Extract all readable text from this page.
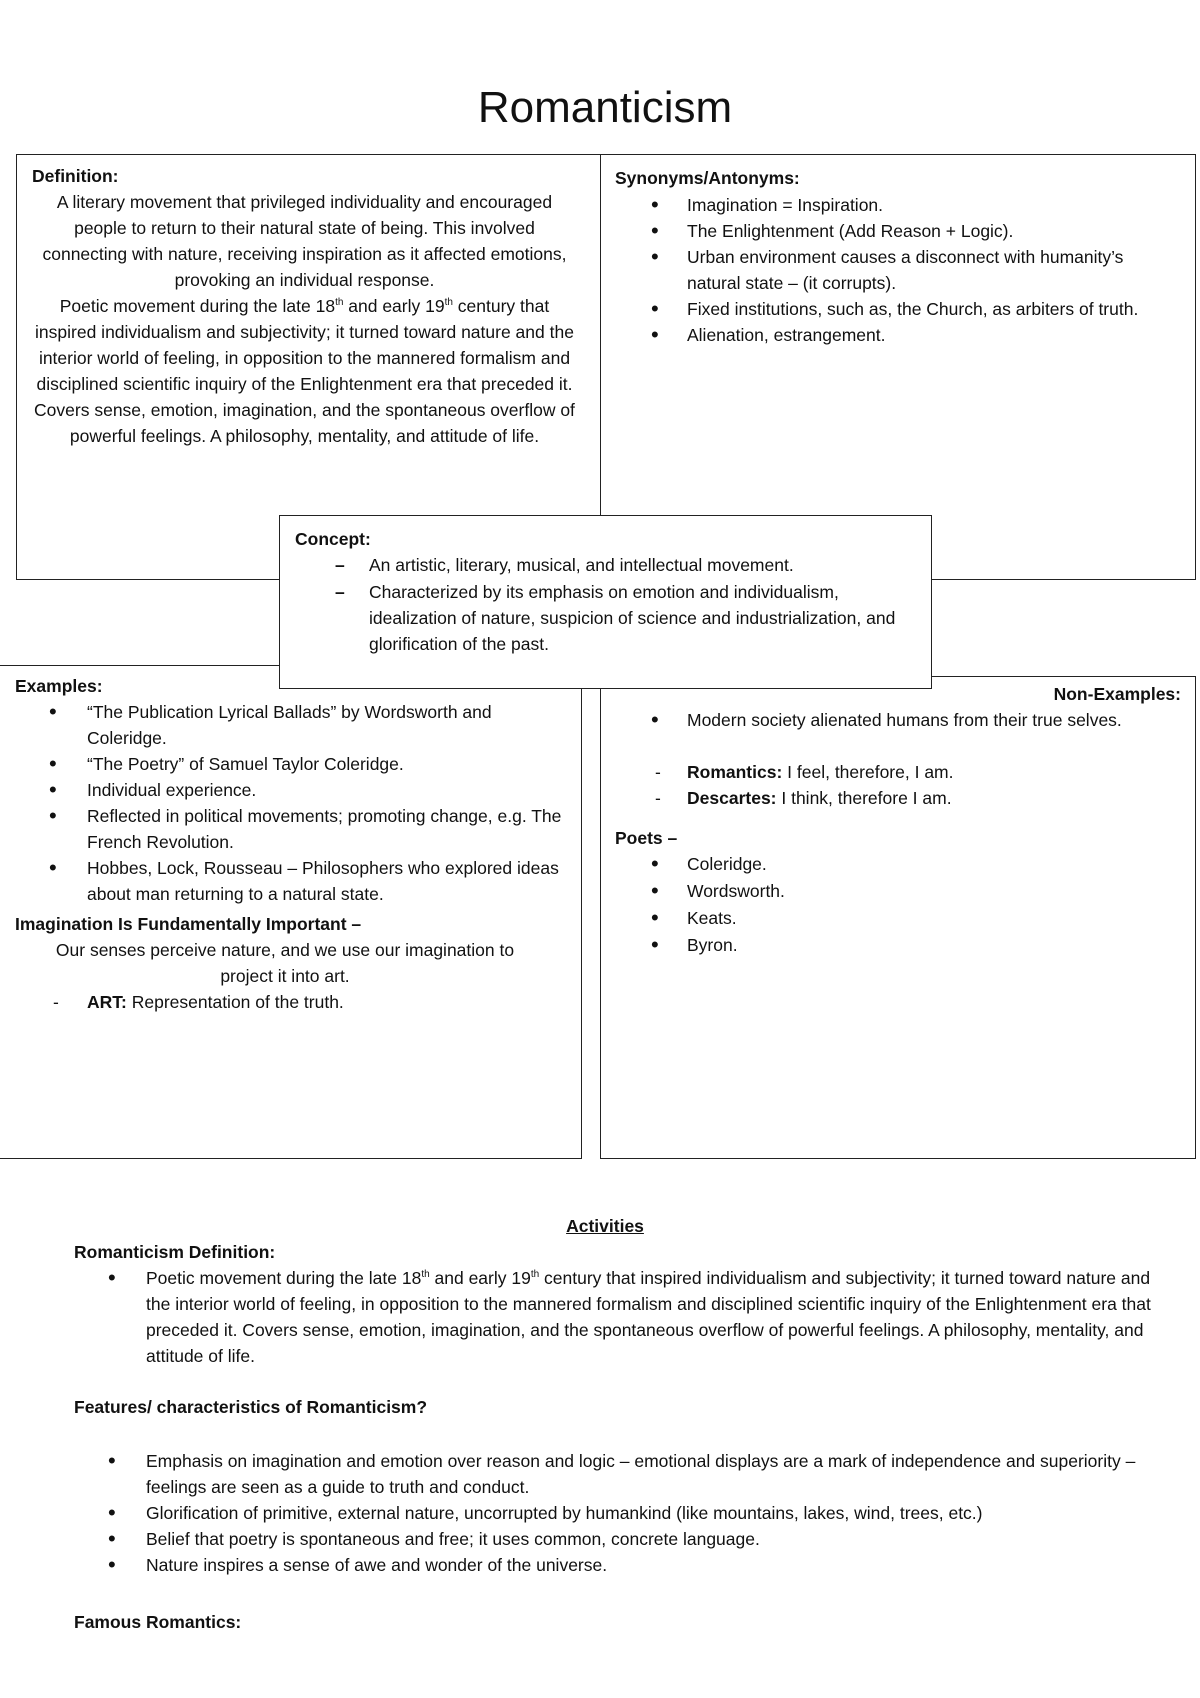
Romanticism
Definition:
A literary movement that privileged individuality and encouraged people to return to their natural state of being. This involved connecting with nature, receiving inspiration as it affected emotions, provoking an individual response.
Poetic movement during the late 18th and early 19th century that inspired individualism and subjectivity; it turned toward nature and the interior world of feeling, in opposition to the mannered formalism and disciplined scientific inquiry of the Enlightenment era that preceded it. Covers sense, emotion, imagination, and the spontaneous overflow of powerful feelings. A philosophy, mentality, and attitude of life.
Synonyms/Antonyms:
• Imagination = Inspiration.
• The Enlightenment (Add Reason + Logic).
• Urban environment causes a disconnect with humanity’s natural state – (it corrupts).
• Fixed institutions, such as, the Church, as arbiters of truth.
• Alienation, estrangement.
Examples:
• “The Publication Lyrical Ballads” by Wordsworth and Coleridge.
• “The Poetry” of Samuel Taylor Coleridge.
• Individual experience.
• Reflected in political movements; promoting change, e.g. The French Revolution.
• Hobbes, Lock, Rousseau – Philosophers who explored ideas about man returning to a natural state.
Imagination Is Fundamentally Important –
Our senses perceive nature, and we use our imagination to project it into art.
- ART: Representation of the truth.
Non-Examples:
• Modern society alienated humans from their true selves.
- Romantics: I feel, therefore, I am.
- Descartes: I think, therefore I am.
Poets –
• Coleridge.
• Wordsworth.
• Keats.
• Byron.
Concept:
– An artistic, literary, musical, and intellectual movement.
– Characterized by its emphasis on emotion and individualism, idealization of nature, suspicion of science and industrialization, and glorification of the past.
Activities
Romanticism Definition:
• Poetic movement during the late 18th and early 19th century that inspired individualism and subjectivity; it turned toward nature and the interior world of feeling, in opposition to the mannered formalism and disciplined scientific inquiry of the Enlightenment era that preceded it. Covers sense, emotion, imagination, and the spontaneous overflow of powerful feelings. A philosophy, mentality, and attitude of life.
Features/ characteristics of Romanticism?
• Emphasis on imagination and emotion over reason and logic – emotional displays are a mark of independence and superiority – feelings are seen as a guide to truth and conduct.
• Glorification of primitive, external nature, uncorrupted by humankind (like mountains, lakes, wind, trees, etc.)
• Belief that poetry is spontaneous and free; it uses common, concrete language.
• Nature inspires a sense of awe and wonder of the universe.
Famous Romantics:
